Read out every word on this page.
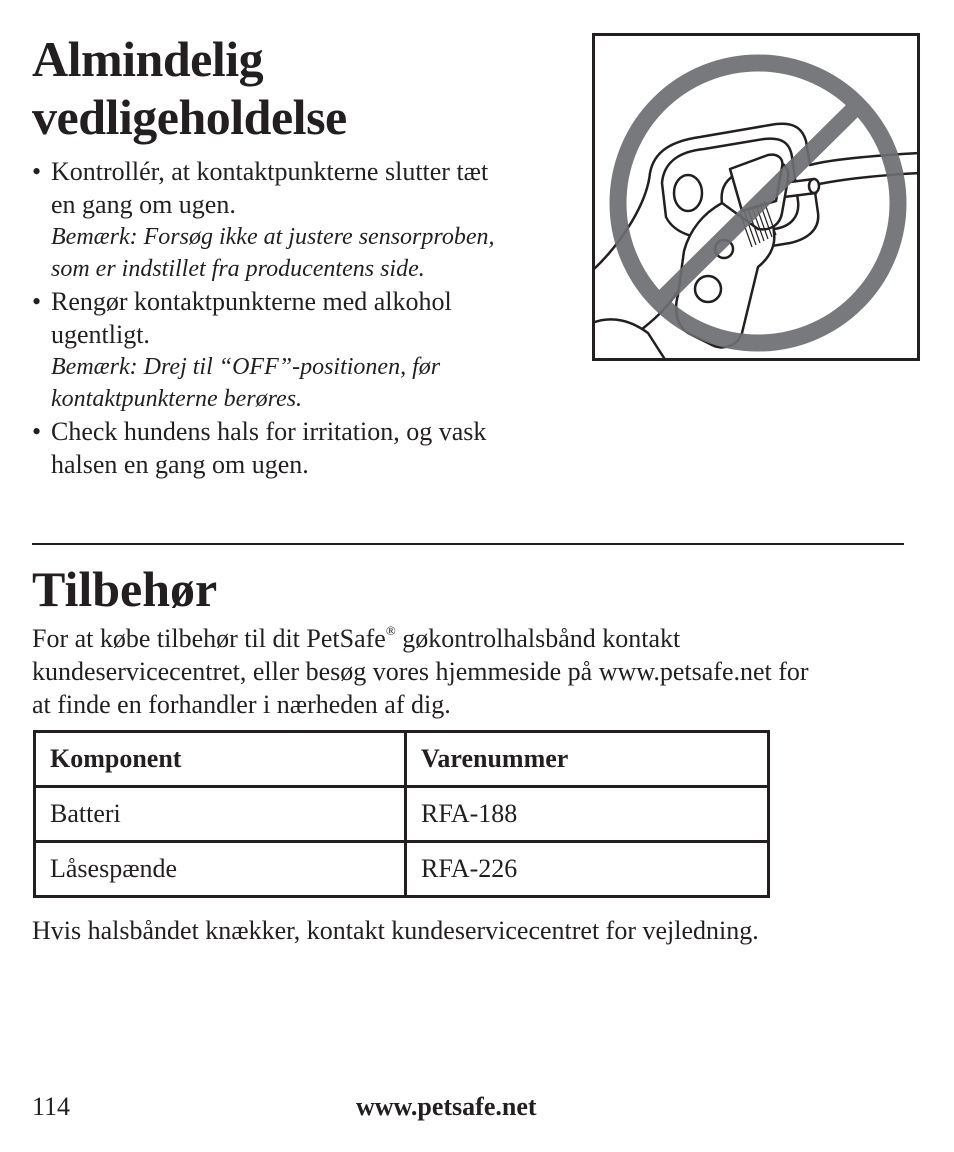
Almindelig
vedligeholdelse
• Kontrollér, at kontaktpunkterne slutter tæt
en gang om ugen.
Bemærk: Forsøg ikke at justere sensorproben,
som er indstillet fra producentens side.
• Rengør kontaktpunkterne med alkohol
ugentligt.
Bemærk: Drej til “OFF”-positionen, før
kontaktpunkterne berøres.
• Check hundens hals for irritation, og vask
halsen en gang om ugen.
Tilbehør

For at købe tilbehør til dit PetSafe® gøkontrolhalsbånd kontakt
kundeservicecentret, eller besøg vores hjemmeside på www.petsafe.net for
at finde en forhandler i nærheden af dig.

Komponent	Varenummer
Batteri	RFA-188
Låsespænde	RFA-226

Hvis halsbåndet knækker, kontakt kundeservicecentret for vejledning.

114	www.petsafe.net
